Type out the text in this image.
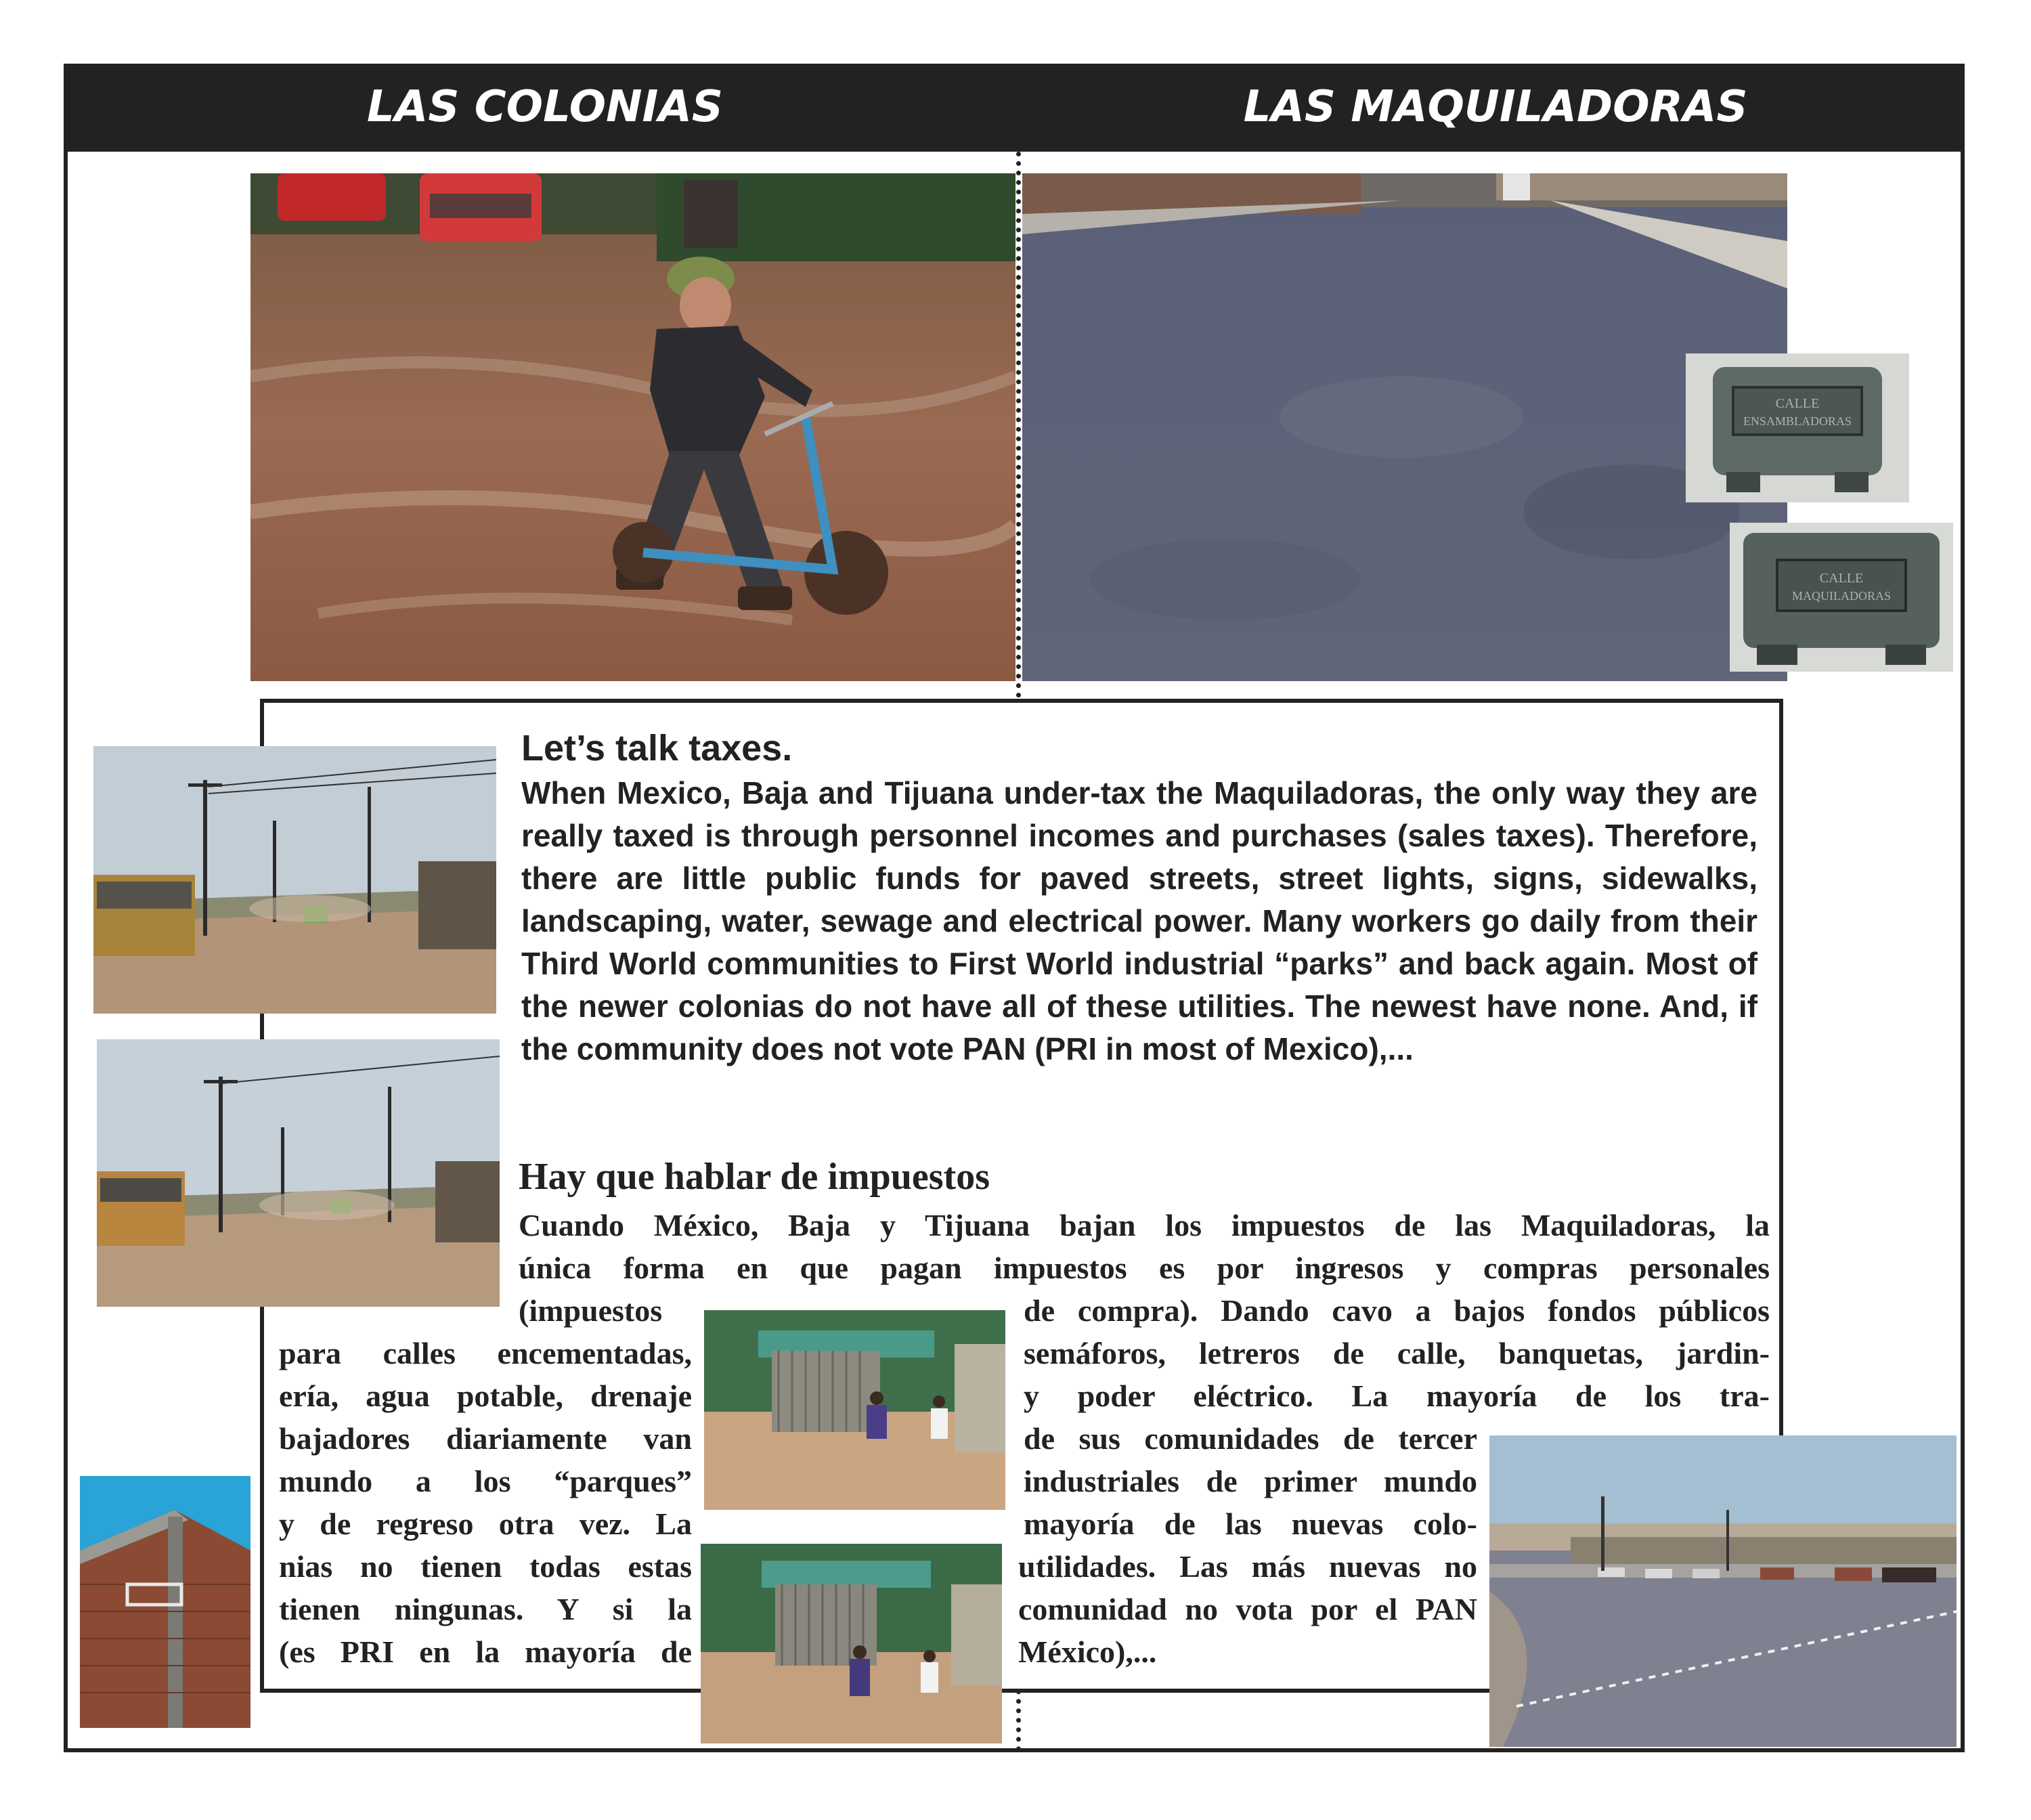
LAS COLONIAS	LAS MAQUILADORAS
CALLE
ENSAMBLADORAS
CALLE
MAQUILADORAS
Let’s talk taxes.
When Mexico, Baja and Tijuana under-tax the Maquiladoras, the only way they are really taxed is through personnel incomes and purchases (sales taxes). Therefore, there are little public funds for paved streets, street lights, signs, sidewalks, landscaping, water, sewage and electrical power. Many workers go daily from their Third World communities to First World industrial “parks” and back again. Most of the newer colonias do not have all of these utilities. The newest have none. And, if the community does not vote PAN (PRI in most of Mexico),...
Hay que hablar de impuestos
Cuando México, Baja y Tijuana bajan los impuestos de las Maquiladoras, la
única forma en que pagan impuestos es por ingresos y compras personales
(impuestos	de compra). Dando cavo a bajos fondos públicos
para calles encementadas,
ería, agua potable, drenaje
bajadores diariamente van
mundo a los “parques”
y de regreso otra vez. La
nias no tienen todas estas
tienen ningunas. Y si la
(es PRI en la mayoría de
semáforos, letreros de calle, banquetas, jardin-
y poder eléctrico. La mayoría de los tra-
de sus comunidades de tercer
industriales de primer mundo
mayoría de las nuevas colo-
utilidades. Las más nuevas no
comunidad no vota por el PAN
México),...
